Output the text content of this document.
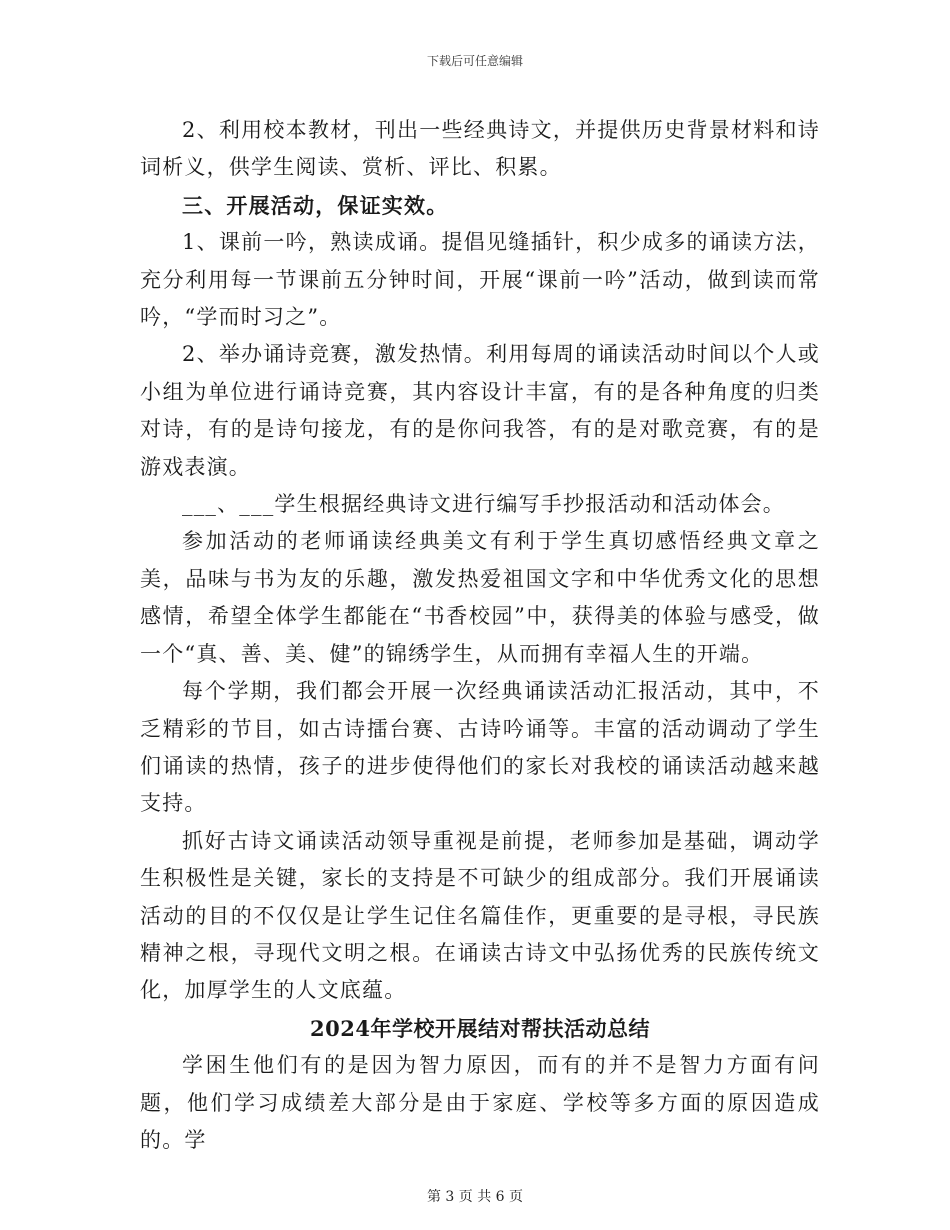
下载后可任意编辑

2、利用校本教材，刊出一些经典诗文，并提供历史背景材料和诗词析义，供学生阅读、赏析、评比、积累。

三、开展活动，保证实效。

1、课前一吟，熟读成诵。提倡见缝插针，积少成多的诵读方法，充分利用每一节课前五分钟时间，开展“课前一吟”活动，做到读而常吟，“学而时习之”。

2、举办诵诗竞赛，激发热情。利用每周的诵读活动时间以个人或小组为单位进行诵诗竞赛，其内容设计丰富，有的是各种角度的归类对诗，有的是诗句接龙，有的是你问我答，有的是对歌竞赛，有的是游戏表演。

___、___学生根据经典诗文进行编写手抄报活动和活动体会。

参加活动的老师诵读经典美文有利于学生真切感悟经典文章之美，品味与书为友的乐趣，激发热爱祖国文字和中华优秀文化的思想感情，希望全体学生都能在“书香校园”中，获得美的体验与感受，做一个“真、善、美、健”的锦绣学生，从而拥有幸福人生的开端。

每个学期，我们都会开展一次经典诵读活动汇报活动，其中，不乏精彩的节目，如古诗擂台赛、古诗吟诵等。丰富的活动调动了学生们诵读的热情，孩子的进步使得他们的家长对我校的诵读活动越来越支持。

抓好古诗文诵读活动领导重视是前提，老师参加是基础，调动学生积极性是关键，家长的支持是不可缺少的组成部分。我们开展诵读活动的目的不仅仅是让学生记住名篇佳作，更重要的是寻根，寻民族精神之根，寻现代文明之根。在诵读古诗文中弘扬优秀的民族传统文化，加厚学生的人文底蕴。

2024年学校开展结对帮扶活动总结

学困生他们有的是因为智力原因，而有的并不是智力方面有问题，他们学习成绩差大部分是由于家庭、学校等多方面的原因造成的。学

第 3 页 共 6 页
